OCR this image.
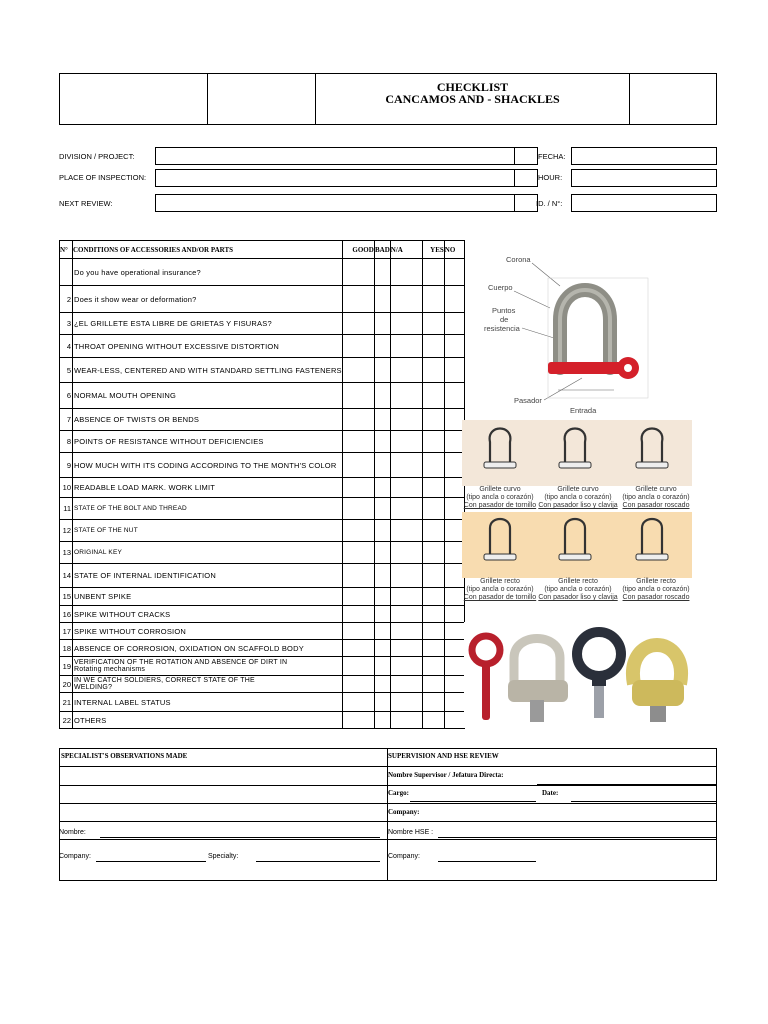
CHECKLIST
CANCAMOS AND - SHACKLES
DIVISION / PROJECT:	FECHA:
PLACE OF INSPECTION:	HOUR:
NEXT REVIEW:	ID. / N°:
N°	CONDITIONS OF ACCESSORIES AND/OR PARTS	GOOD	BAD	N/A	YES	NO
	Do you have operational insurance?					
2	Does it show wear or deformation?					
3	¿EL GRILLETE ESTA LIBRE DE GRIETAS Y FISURAS?					
4	THROAT OPENING WITHOUT EXCESSIVE DISTORTION					
5	WEAR-LESS, CENTERED AND WITH STANDARD SETTLING FASTENERS					
6	NORMAL MOUTH OPENING					
7	ABSENCE OF TWISTS OR BENDS					
8	POINTS OF RESISTANCE WITHOUT DEFICIENCIES					
9	HOW MUCH WITH ITS CODING ACCORDING TO THE MONTH'S COLOR					
10	READABLE LOAD MARK. WORK LIMIT					
11	STATE OF THE BOLT AND THREAD					
12	STATE OF THE NUT					
13	ORIGINAL KEY					
14	STATE OF INTERNAL IDENTIFICATION					
15	UNBENT SPIKE					
16	SPIKE WITHOUT CRACKS					
17	SPIKE WITHOUT CORROSION					
18	ABSENCE OF CORROSION, OXIDATION ON SCAFFOLD BODY					
19	VERIFICATION OF THE ROTATION AND ABSENCE OF DIRT IN
Rotating mechanisms					

20	IN WE CATCH SOLDIERS, CORRECT STATE OF THE
WELDING?					

21	INTERNAL LABEL STATUS					
22	OTHERS					
Corona
Cuerpo
Puntos
de
resistencia
Pasador
Entrada
Grillete curvo
(tipo ancla o corazón)
Con pasador de tornillo
Grillete curvo
(tipo ancla o corazón)
Con pasador liso y clavija
Grillete curvo
(tipo ancla o corazón)
Con pasador roscado
Grillete recto
(tipo ancla o corazón)
Con pasador de tornillo
Grillete recto
(tipo ancla o corazón)
Con pasador liso y clavija
Grillete recto
(tipo ancla o corazón)
Con pasador roscado
SPECIALIST'S OBSERVATIONS MADE	SUPERVISION AND HSE REVIEW
Nombre Supervisor / Jefatura Directa:
Cargo:	Date:
Company:
Nombre:	Nombre HSE :
Company:	Specialty:	Company:
